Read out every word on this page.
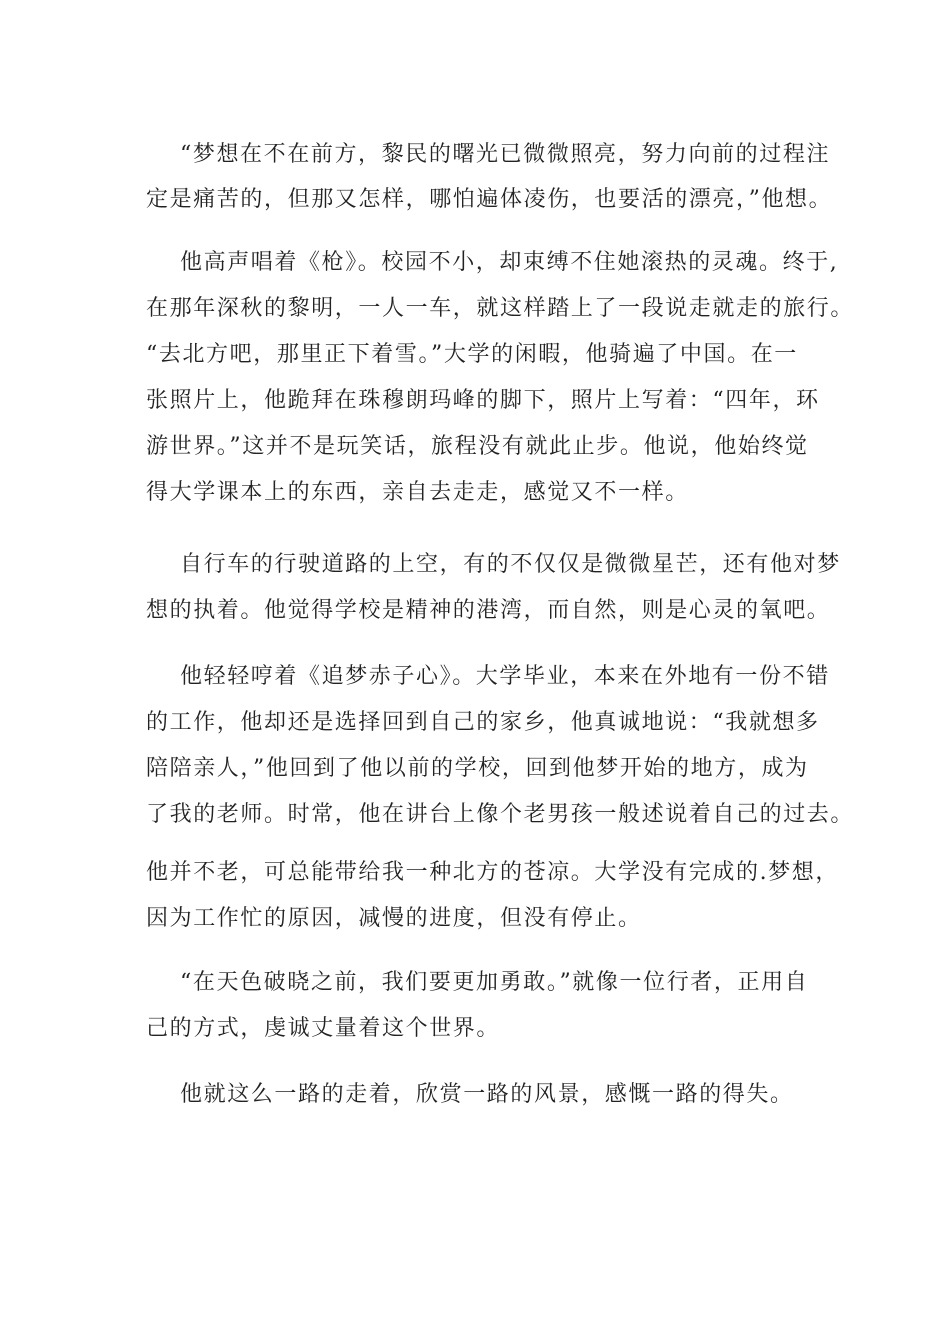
“梦想在不在前方，黎民的曙光已微微照亮，努力向前的过程注
定是痛苦的，但那又怎样，哪怕遍体凌伤，也要活的漂亮，”他想。
他高声唱着《枪》。校园不小，却束缚不住她滚热的灵魂。终于,
在那年深秋的黎明，一人一车，就这样踏上了一段说走就走的旅行。
“去北方吧，那里正下着雪。”大学的闲暇，他骑遍了中国。在一
张照片上，他跪拜在珠穆朗玛峰的脚下，照片上写着：“四年，环
游世界。”这并不是玩笑话，旅程没有就此止步。他说，他始终觉
得大学课本上的东西，亲自去走走，感觉又不一样。
自行车的行驶道路的上空，有的不仅仅是微微星芒，还有他对梦
想的执着。他觉得学校是精神的港湾，而自然，则是心灵的氧吧。
他轻轻哼着《追梦赤子心》。大学毕业，本来在外地有一份不错
的工作，他却还是选择回到自己的家乡，他真诚地说：“我就想多
陪陪亲人，”他回到了他以前的学校，回到他梦开始的地方，成为
了我的老师。时常，他在讲台上像个老男孩一般述说着自己的过去。
他并不老，可总能带给我一种北方的苍凉。大学没有完成的.梦想，
因为工作忙的原因，减慢的进度，但没有停止。
“在天色破晓之前，我们要更加勇敢。”就像一位行者，正用自
己的方式，虔诚丈量着这个世界。
他就这么一路的走着，欣赏一路的风景，感慨一路的得失。
